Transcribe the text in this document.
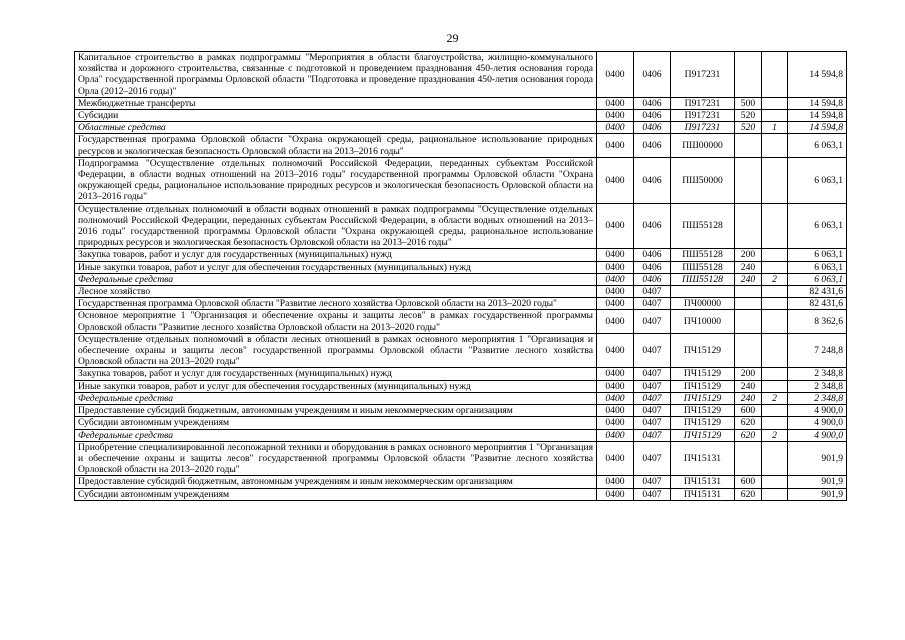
29
Капитальное строительство в рамках подпрограммы "Мероприятия в области благоустройства, жилищно-коммунального хозяйства и дорожного строительства, связанные с подготовкой и проведением празднования 450-летия основания города Орла" государственной программы Орловской области "Подготовка и проведение празднования 450-летия основания города Орла (2012–2016 годы)"	0400	0406	П917231			14 594,8
Межбюджетные трансферты	0400	0406	П917231	500		14 594,8
Субсидии	0400	0406	П917231	520		14 594,8
Областные средства	0400	0406	П917231	520	1	14 594,8
Государственная программа Орловской области "Охрана окружающей среды, рациональное использование природных ресурсов и экологическая безопасность Орловской области на 2013–2016 годы"	0400	0406	ПШ00000			6 063,1
Подпрограмма "Осуществление отдельных полномочий Российской Федерации, переданных субъектам Российской Федерации, в области водных отношений на 2013–2016 годы" государственной программы Орловской области "Охрана окружающей среды, рациональное использование природных ресурсов и экологическая безопасность Орловской области на 2013–2016 годы"	0400	0406	ПШ50000			6 063,1
Осуществление отдельных полномочий в области водных отношений в рамках подпрограммы "Осуществление отдельных полномочий Российской Федерации, переданных субъектам Российской Федерации, в области водных отношений на 2013–2016 годы" государственной программы Орловской области "Охрана окружающей среды, рациональное использование природных ресурсов и экологическая безопасность Орловской области на 2013–2016 годы"	0400	0406	ПШ55128			6 063,1
Закупка товаров, работ и услуг для государственных (муниципальных) нужд	0400	0406	ПШ55128	200		6 063,1
Иные закупки товаров, работ и услуг для обеспечения государственных (муниципальных) нужд	0400	0406	ПШ55128	240		6 063,1
Федеральные средства	0400	0406	ПШ55128	240	2	6 063,1
Лесное хозяйство	0400	0407				82 431,6
Государственная программа Орловской области "Развитие лесного хозяйства Орловской области на 2013–2020 годы"	0400	0407	ПЧ00000			82 431,6
Основное мероприятие 1 "Организация и обеспечение охраны и защиты лесов" в рамках государственной программы Орловской области "Развитие лесного хозяйства Орловской области на 2013–2020 годы"	0400	0407	ПЧ10000			8 362,6
Осуществление отдельных полномочий в области лесных отношений в рамках основного мероприятия 1 "Организация и обеспечение охраны и защиты лесов" государственной программы Орловской области "Развитие лесного хозяйства Орловской области на 2013–2020 годы"	0400	0407	ПЧ15129			7 248,8
Закупка товаров, работ и услуг для государственных (муниципальных) нужд	0400	0407	ПЧ15129	200		2 348,8
Иные закупки товаров, работ и услуг для обеспечения государственных (муниципальных) нужд	0400	0407	ПЧ15129	240		2 348,8
Федеральные средства	0400	0407	ПЧ15129	240	2	2 348,8
Предоставление субсидий бюджетным, автономным учреждениям и иным некоммерческим организациям	0400	0407	ПЧ15129	600		4 900,0
Субсидии автономным учреждениям	0400	0407	ПЧ15129	620		4 900,0
Федеральные средства	0400	0407	ПЧ15129	620	2	4 900,0
Приобретение специализированной лесопожарной техники и оборудования в рамках основного мероприятия 1 "Организация и обеспечение охраны и защиты лесов" государственной программы Орловской области "Развитие лесного хозяйства Орловской области на 2013–2020 годы"	0400	0407	ПЧ15131			901,9
Предоставление субсидий бюджетным, автономным учреждениям и иным некоммерческим организациям	0400	0407	ПЧ15131	600		901,9
Субсидии автономным учреждениям	0400	0407	ПЧ15131	620		901,9
